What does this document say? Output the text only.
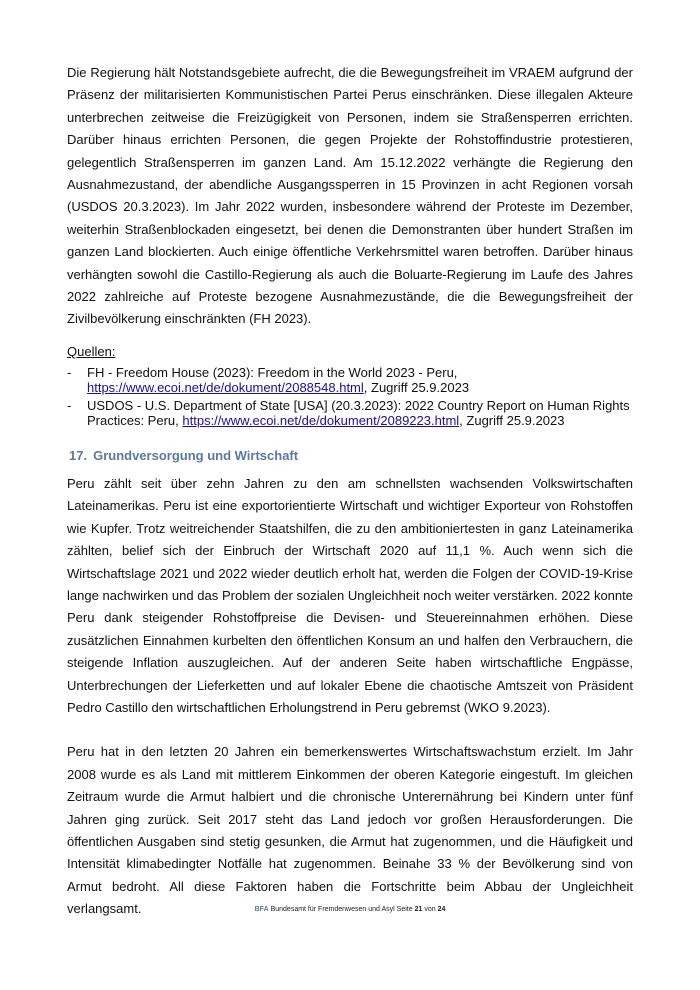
Die Regierung hält Notstandsgebiete aufrecht, die die Bewegungsfreiheit im VRAEM aufgrund der Präsenz der militarisierten Kommunistischen Partei Perus einschränken. Diese illegalen Akteure unterbrechen zeitweise die Freizügigkeit von Personen, indem sie Straßensperren errichten. Darüber hinaus errichten Personen, die gegen Projekte der Rohstoffindustrie protestieren, gelegentlich Straßensperren im ganzen Land. Am 15.12.2022 verhängte die Regierung den Ausnahmezustand, der abendliche Ausgangssperren in 15 Provinzen in acht Regionen vorsah (USDOS 20.3.2023). Im Jahr 2022 wurden, insbesondere während der Proteste im Dezember, weiterhin Straßenblockaden eingesetzt, bei denen die Demonstranten über hundert Straßen im ganzen Land blockierten. Auch einige öffentliche Verkehrsmittel waren betroffen. Darüber hinaus verhängten sowohl die Castillo-Regierung als auch die Boluarte-Regierung im Laufe des Jahres 2022 zahlreiche auf Proteste bezogene Ausnahmezustände, die die Bewegungsfreiheit der Zivilbevölkerung einschränkten (FH 2023).

Quellen:
- FH - Freedom House (2023): Freedom in the World 2023 - Peru, https://www.ecoi.net/de/dokument/2088548.html, Zugriff 25.9.2023
- USDOS - U.S. Department of State [USA] (20.3.2023): 2022 Country Report on Human Rights Practices: Peru, https://www.ecoi.net/de/dokument/2089223.html, Zugriff 25.9.2023
17. Grundversorgung und Wirtschaft

Peru zählt seit über zehn Jahren zu den am schnellsten wachsenden Volkswirtschaften Lateinamerikas. Peru ist eine exportorientierte Wirtschaft und wichtiger Exporteur von Rohstoffen wie Kupfer. Trotz weitreichender Staatshilfen, die zu den ambitioniertesten in ganz Lateinamerika zählten, belief sich der Einbruch der Wirtschaft 2020 auf 11,1 %. Auch wenn sich die Wirtschaftslage 2021 und 2022 wieder deutlich erholt hat, werden die Folgen der COVID-19-Krise lange nachwirken und das Problem der sozialen Ungleichheit noch weiter verstärken. 2022 konnte Peru dank steigender Rohstoffpreise die Devisen- und Steuereinnahmen erhöhen. Diese zusätzlichen Einnahmen kurbelten den öffentlichen Konsum an und halfen den Verbrauchern, die steigende Inflation auszugleichen. Auf der anderen Seite haben wirtschaftliche Engpässe, Unterbrechungen der Lieferketten und auf lokaler Ebene die chaotische Amtszeit von Präsident Pedro Castillo den wirtschaftlichen Erholungstrend in Peru gebremst (WKO 9.2023).

Peru hat in den letzten 20 Jahren ein bemerkenswertes Wirtschaftswachstum erzielt. Im Jahr 2008 wurde es als Land mit mittlerem Einkommen der oberen Kategorie eingestuft. Im gleichen Zeitraum wurde die Armut halbiert und die chronische Unterernährung bei Kindern unter fünf Jahren ging zurück. Seit 2017 steht das Land jedoch vor großen Herausforderungen. Die öffentlichen Ausgaben sind stetig gesunken, die Armut hat zugenommen, und die Häufigkeit und Intensität klimabedingter Notfälle hat zugenommen. Beinahe 33 % der Bevölkerung sind von Armut bedroht. All diese Faktoren haben die Fortschritte beim Abbau der Ungleichheit verlangsamt.	BFA Bundesamt für Fremdenwesen und Asyl Seite 21 von 24
